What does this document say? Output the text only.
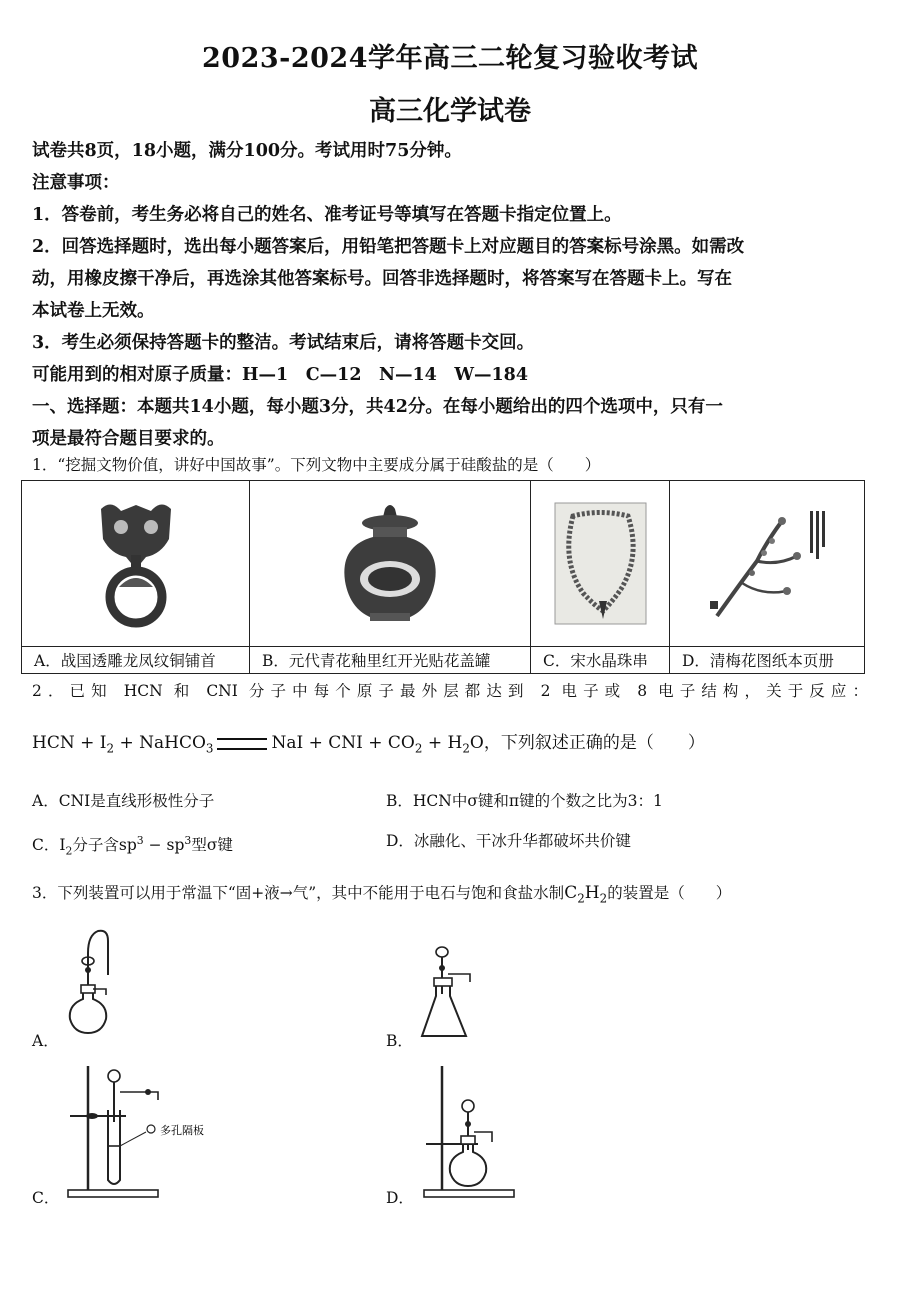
2023-2024学年高三二轮复习验收考试
高三化学试卷
试卷共8页，18小题，满分100分。考试用时75分钟。
注意事项：
1．答卷前，考生务必将自己的姓名、准考证号等填写在答题卡指定位置上。
2．回答选择题时，选出每小题答案后，用铅笔把答题卡上对应题目的答案标号涂黑。如需改
动，用橡皮擦干净后，再选涂其他答案标号。回答非选择题时，将答案写在答题卡上。写在
本试卷上无效。
3．考生必须保持答题卡的整洁。考试结束后，请将答题卡交回。
可能用到的相对原子质量：H—1　C—12　N—14　W—184
一、选择题：本题共14小题，每小题3分，共42分。在每小题给出的四个选项中，只有一
项是最符合题目要求的。
1．“挖掘文物价值，讲好中国故事”。下列文物中主要成分属于硅酸盐的是（　　）

A．战国透雕龙凤纹铜铺首	B．元代青花釉里红开光贴花盖罐	C．宋水晶珠串	D．清梅花图纸本页册
2．已知 HCN 和 CNI 分子中每个原子最外层都达到 2 电子或 8 电子结构，关于反应：
HCN + $I_2$ + NaHCO$_3$	NaI + CNI + $CO_2 + H_2O$，下列叙述正确的是（　　）
A．CNI是直线形极性分子	B．HCN中σ键和π键的个数之比为3：1
C．$I_2$分子含$sp^3 - sp^3$型σ键	D．冰融化、干冰升华都破坏共价键
3．下列装置可以用于常温下“固+液→气”，其中不能用于电石与饱和食盐水制$C_2H_2$的装置是（　　）
A．	B．
C．
多孔隔板
D．
